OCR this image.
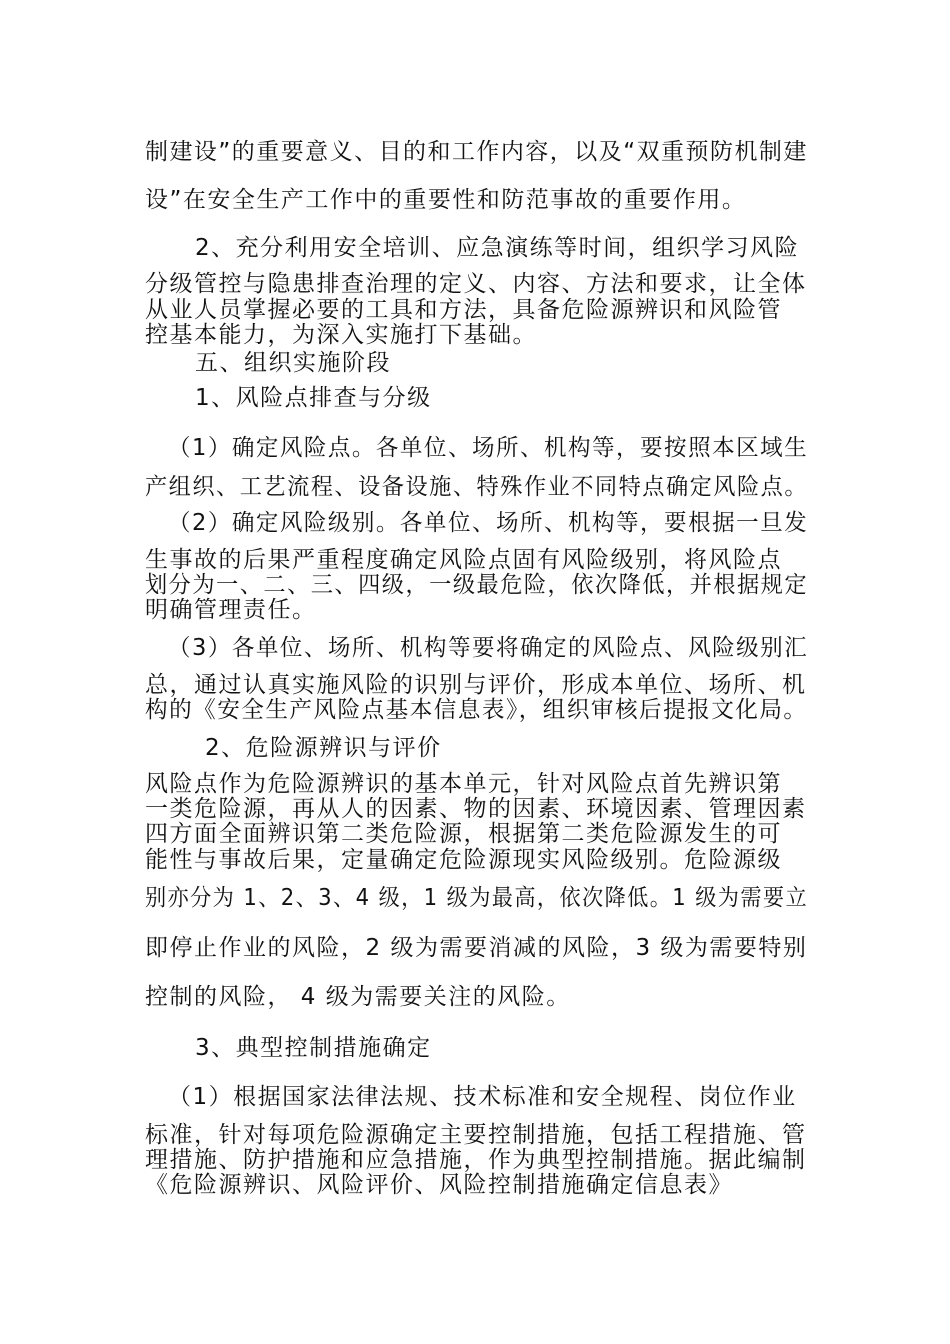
制建设”的重要意义、目的和工作内容，以及“双重预防机制建

设”在安全生产工作中的重要性和防范事故的重要作用。

2、充分利用安全培训、应急演练等时间，组织学习风险

分级管控与隐患排查治理的定义、内容、方法和要求，让全体

从业人员掌握必要的工具和方法，具备危险源辨识和风险管

控基本能力，为深入实施打下基础。

五、组织实施阶段

1、风险点排查与分级

（1）确定风险点。各单位、场所、机构等，要按照本区域生

产组织、工艺流程、设备设施、特殊作业不同特点确定风险点。

（2）确定风险级别。各单位、场所、机构等，要根据一旦发

生事故的后果严重程度确定风险点固有风险级别，将风险点

划分为一、二、三、四级，一级最危险，依次降低，并根据规定

明确管理责任。

（3）各单位、场所、机构等要将确定的风险点、风险级别汇

总，通过认真实施风险的识别与评价，形成本单位、场所、机

构的《安全生产风险点基本信息表》，组织审核后提报文化局。

2、危险源辨识与评价

风险点作为危险源辨识的基本单元，针对风险点首先辨识第

一类危险源，再从人的因素、物的因素、环境因素、管理因素

四方面全面辨识第二类危险源，根据第二类危险源发生的可

能性与事故后果，定量确定危险源现实风险级别。危险源级

别亦分为 1、2、3、4 级，1 级为最高，依次降低。1 级为需要立

即停止作业的风险，2 级为需要消减的风险，3 级为需要特别

控制的风险， 4 级为需要关注的风险。

3、典型控制措施确定

（1）根据国家法律法规、技术标准和安全规程、岗位作业

标准，针对每项危险源确定主要控制措施，包括工程措施、管

理措施、防护措施和应急措施，作为典型控制措施。据此编制

《危险源辨识、风险评价、风险控制措施确定信息表》
